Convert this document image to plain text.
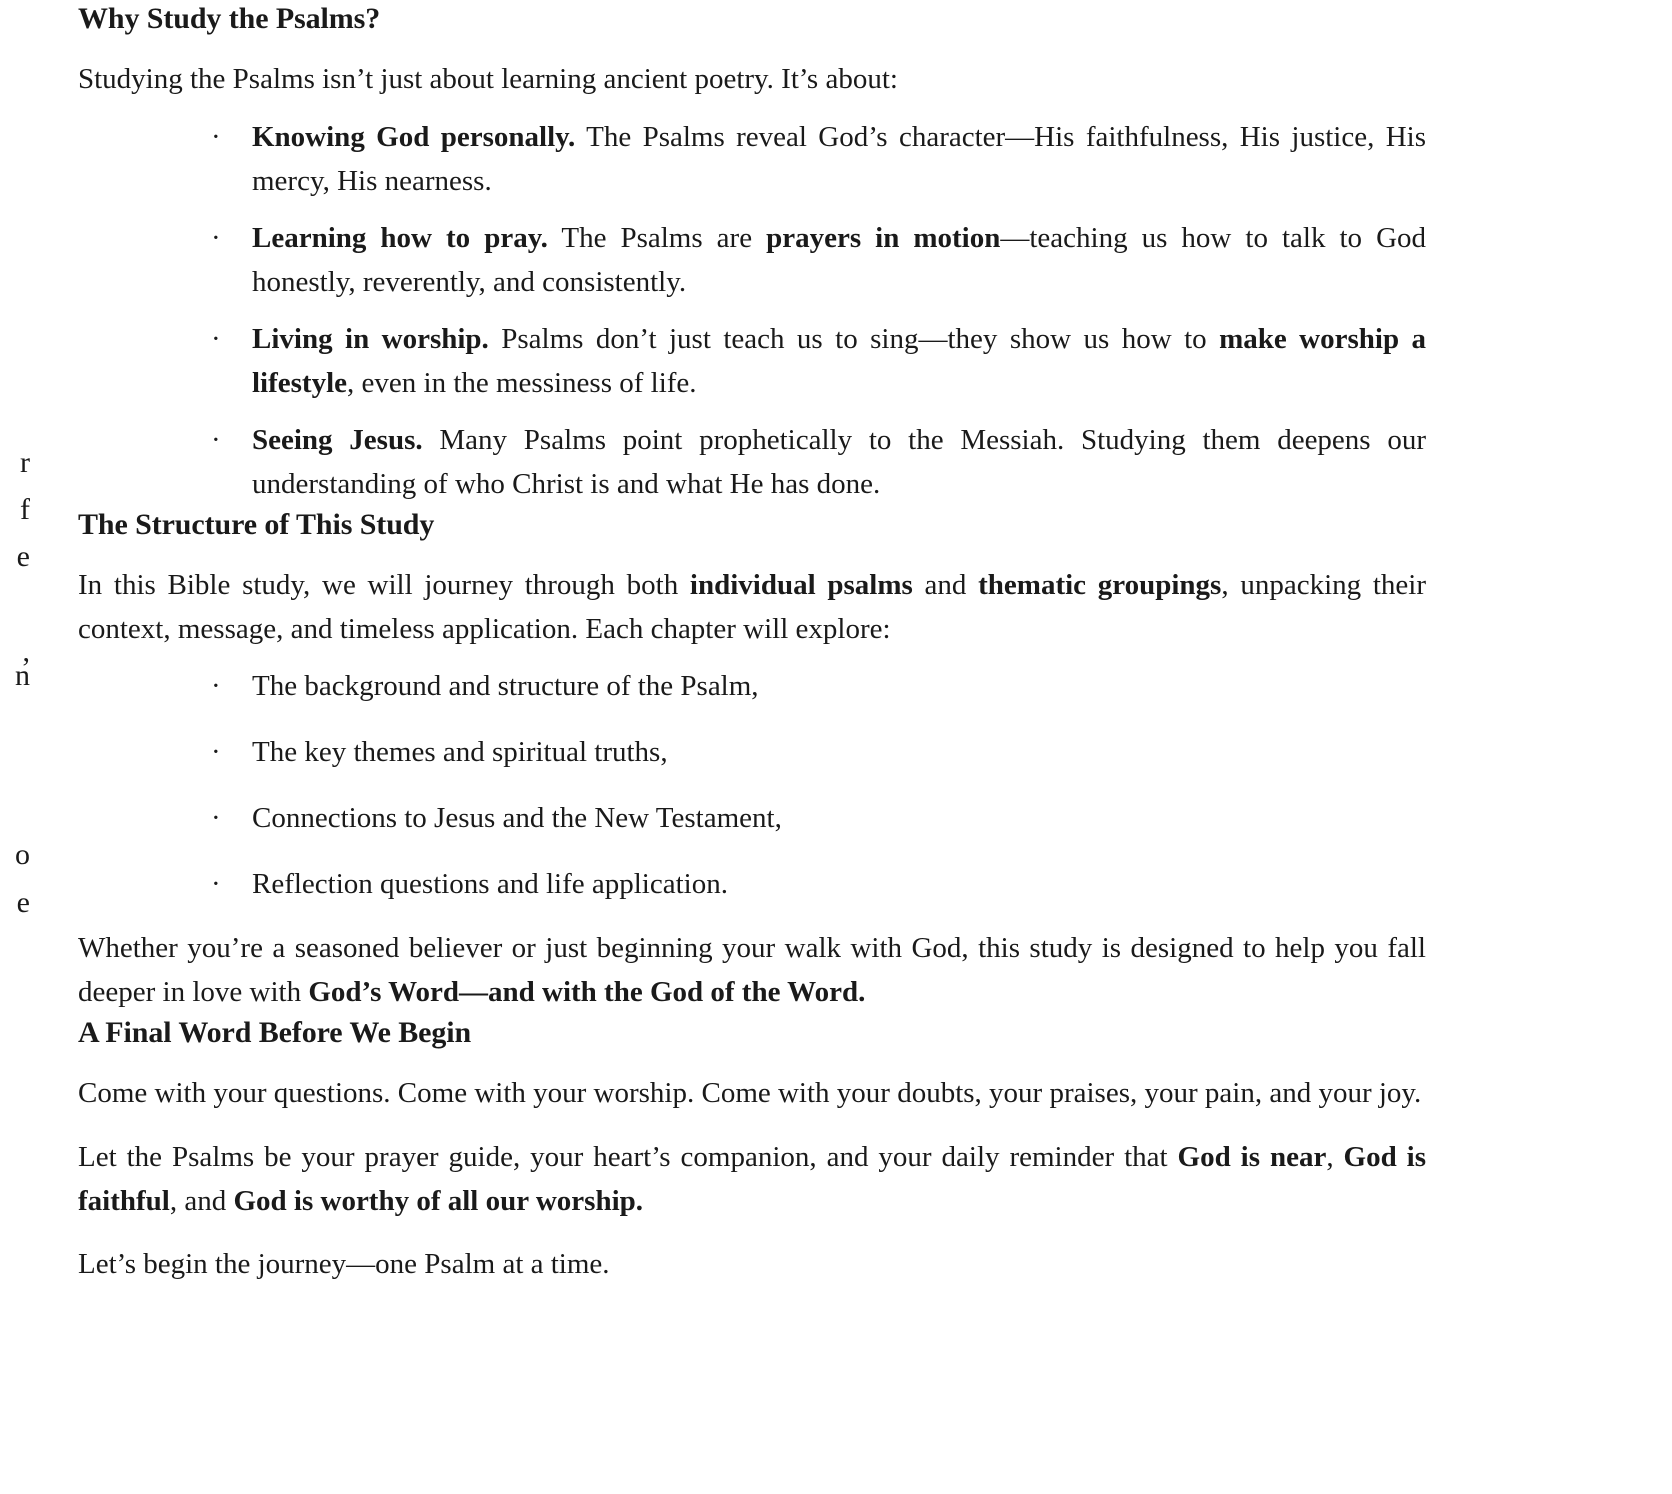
r
f
e
,
n
o
e
Why Study the Psalms?

Studying the Psalms isn’t just about learning ancient poetry. It’s about:

· Knowing God personally. The Psalms reveal God’s character—His faithfulness, His justice, His mercy, His nearness.
· Learning how to pray. The Psalms are prayers in motion—teaching us how to talk to God honestly, reverently, and consistently.
· Living in worship. Psalms don’t just teach us to sing—they show us how to make worship a lifestyle, even in the messiness of life.
· Seeing Jesus. Many Psalms point prophetically to the Messiah. Studying them deepens our understanding of who Christ is and what He has done.
The Structure of This Study

In this Bible study, we will journey through both individual psalms and thematic groupings, unpacking their context, message, and timeless application. Each chapter will explore:

· The background and structure of the Psalm,
· The key themes and spiritual truths,
· Connections to Jesus and the New Testament,
· Reflection questions and life application.

Whether you’re a seasoned believer or just beginning your walk with God, this study is designed to help you fall deeper in love with God’s Word—and with the God of the Word.

A Final Word Before We Begin

Come with your questions. Come with your worship. Come with your doubts, your praises, your pain, and your joy.

Let the Psalms be your prayer guide, your heart’s companion, and your daily reminder that God is near, God is faithful, and God is worthy of all our worship.

Let’s begin the journey—one Psalm at a time.
